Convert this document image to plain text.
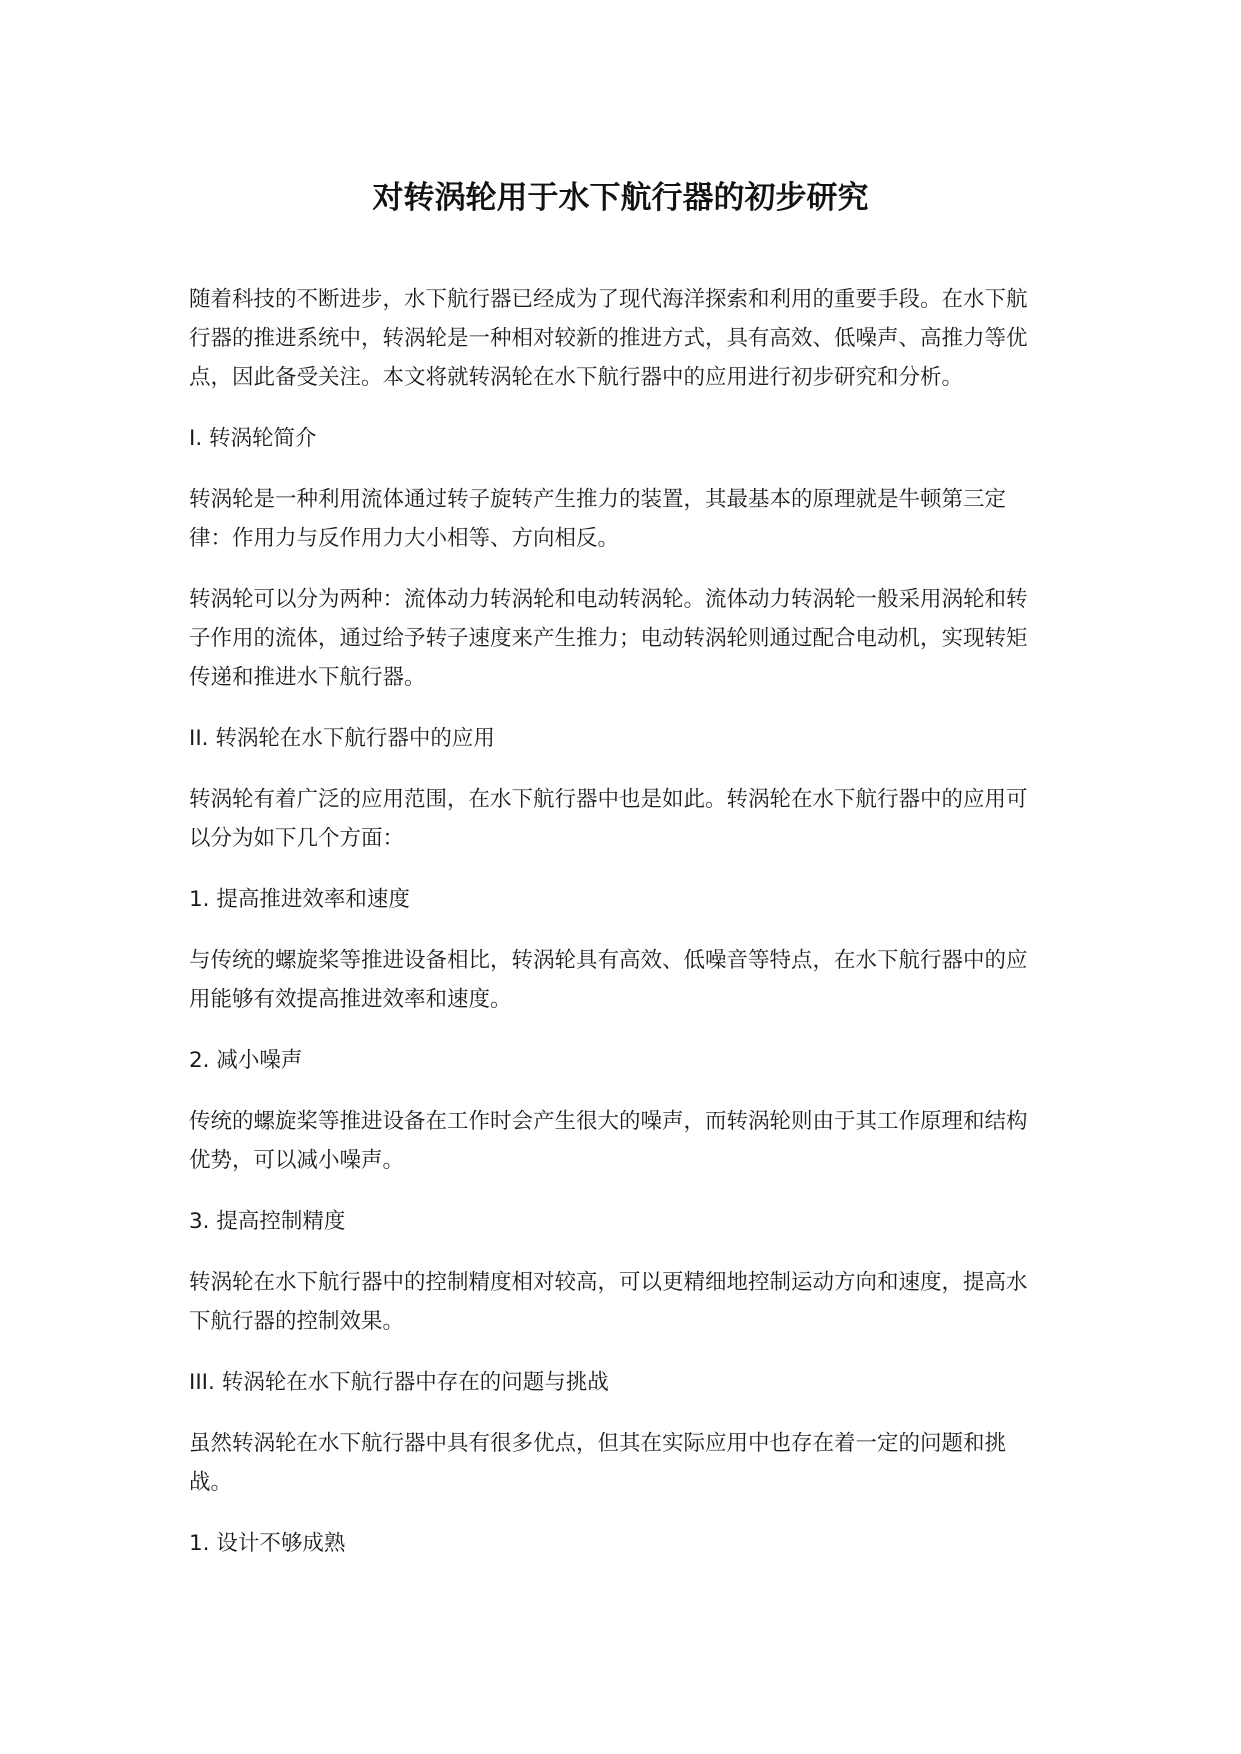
对转涡轮用于水下航行器的初步研究

随着科技的不断进步，水下航行器已经成为了现代海洋探索和利用的重要手段。在水下航行器的推进系统中，转涡轮是一种相对较新的推进方式，具有高效、低噪声、高推力等优点，因此备受关注。本文将就转涡轮在水下航行器中的应用进行初步研究和分析。

I. 转涡轮简介

转涡轮是一种利用流体通过转子旋转产生推力的装置，其最基本的原理就是牛顿第三定律：作用力与反作用力大小相等、方向相反。

转涡轮可以分为两种：流体动力转涡轮和电动转涡轮。流体动力转涡轮一般采用涡轮和转子作用的流体，通过给予转子速度来产生推力；电动转涡轮则通过配合电动机，实现转矩传递和推进水下航行器。

II. 转涡轮在水下航行器中的应用

转涡轮有着广泛的应用范围，在水下航行器中也是如此。转涡轮在水下航行器中的应用可以分为如下几个方面：

1. 提高推进效率和速度

与传统的螺旋桨等推进设备相比，转涡轮具有高效、低噪音等特点，在水下航行器中的应用能够有效提高推进效率和速度。

2. 减小噪声

传统的螺旋桨等推进设备在工作时会产生很大的噪声，而转涡轮则由于其工作原理和结构优势，可以减小噪声。

3. 提高控制精度

转涡轮在水下航行器中的控制精度相对较高，可以更精细地控制运动方向和速度，提高水下航行器的控制效果。

III. 转涡轮在水下航行器中存在的问题与挑战

虽然转涡轮在水下航行器中具有很多优点，但其在实际应用中也存在着一定的问题和挑战。

1. 设计不够成熟
